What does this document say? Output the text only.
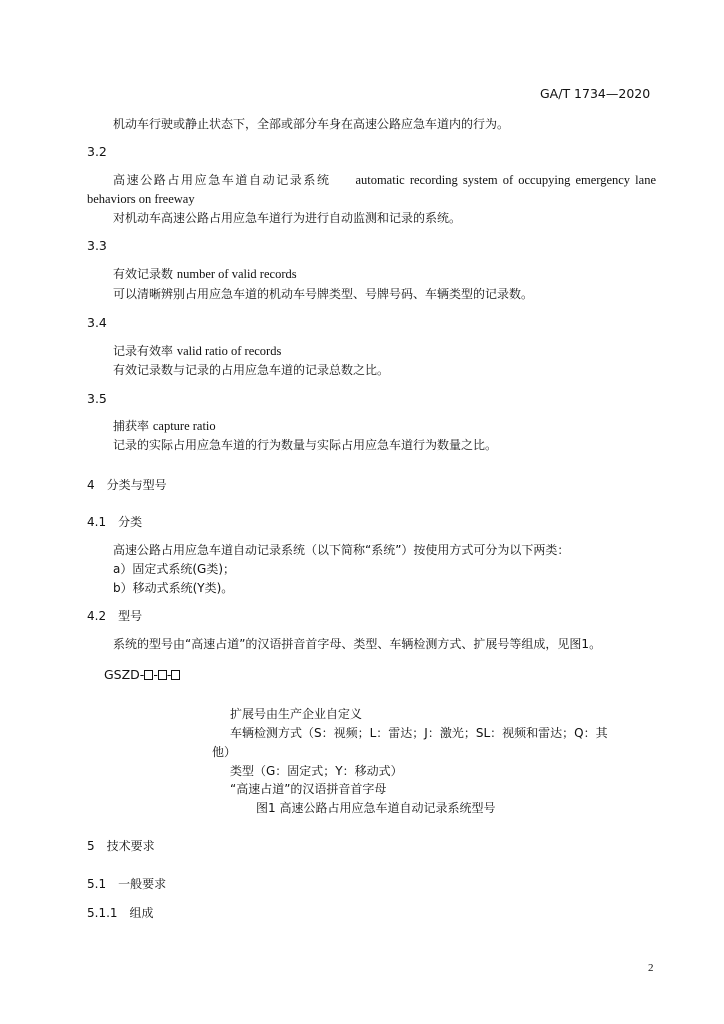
GA/T 1734—2020
机动车行驶或静止状态下，全部或部分车身在高速公路应急车道内的行为。
3.2
高速公路占用应急车道自动记录系统 automatic recording system of occupying emergency lane
behaviors on freeway
对机动车高速公路占用应急车道行为进行自动监测和记录的系统。
3.3
有效记录数 number of valid records
可以清晰辨别占用应急车道的机动车号牌类型、号牌号码、车辆类型的记录数。
3.4
记录有效率 valid ratio of records
有效记录数与记录的占用应急车道的记录总数之比。
3.5
捕获率 capture ratio
记录的实际占用应急车道的行为数量与实际占用应急车道行为数量之比。
4　分类与型号
4.1　分类
高速公路占用应急车道自动记录系统（以下简称“系统”）按使用方式可分为以下两类：
a）固定式系统(G类)；
b）移动式系统(Y类)。
4.2　型号
系统的型号由“高速占道”的汉语拼音首字母、类型、车辆检测方式、扩展号等组成，见图1。
GSZD- - -
扩展号由生产企业自定义
车辆检测方式（S：视频；L：雷达；J：激光；SL：视频和雷达；Q：其
他）
类型（G：固定式；Y：移动式）
“高速占道”的汉语拼音首字母
图1 高速公路占用应急车道自动记录系统型号
5　技术要求
5.1　一般要求
5.1.1　组成
2
